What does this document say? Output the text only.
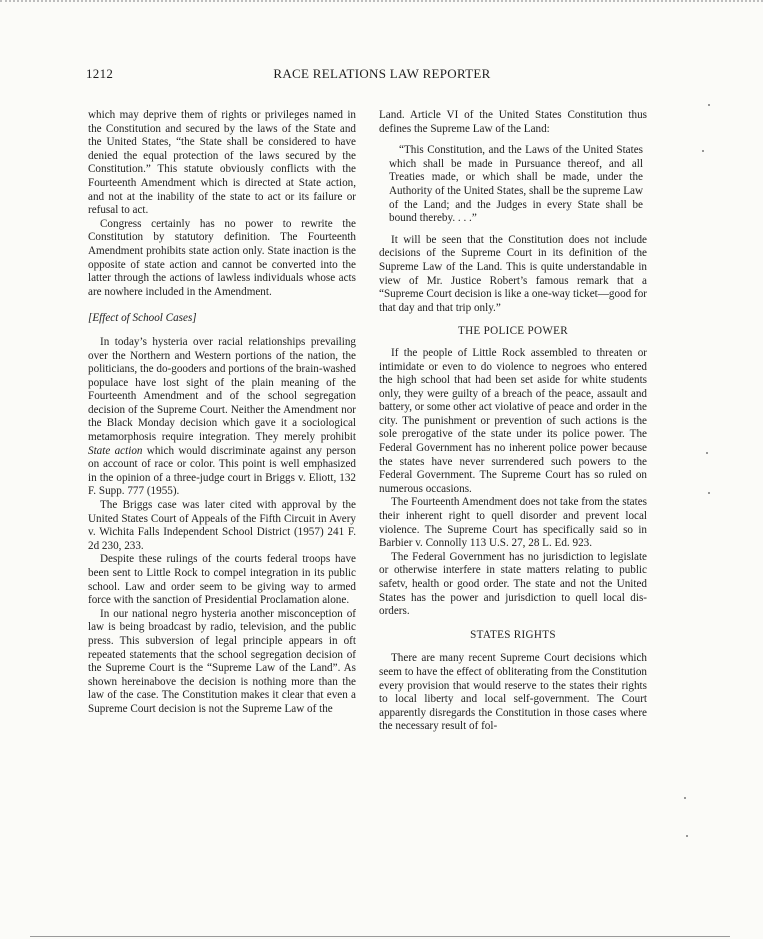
1212	RACE RELATIONS LAW REPORTER

which may deprive them of rights or privileges named in the Constitution and secured by the laws of the State and the United States, “the State shall be considered to have denied the equal protection of the laws secured by the Constitution.” This statute obviously conflicts with the Fourteenth Amendment which is directed at State action, and not at the inability of the state to act or its failure or refusal to act.

Congress certainly has no power to rewrite the Constitution by statutory definition. The Fourteenth Amendment prohibits state action only. State inaction is the opposite of state action and cannot be converted into the latter through the actions of lawless individuals whose acts are nowhere included in the Amendment.

[Effect of School Cases]

In today’s hysteria over racial relationships prevailing over the Northern and Western portions of the nation, the politicians, the do-gooders and portions of the brain-washed populace have lost sight of the plain meaning of the Fourteenth Amendment and of the school segregation decision of the Supreme Court. Neither the Amendment nor the Black Monday decision which gave it a sociological metamorphosis require integration. They merely prohibit State action which would discriminate against any person on account of race or color. This point is well emphasized in the opinion of a three-judge court in Briggs v. Eliott, 132 F. Supp. 777 (1955).

The Briggs case was later cited with approval by the United States Court of Appeals of the Fifth Circuit in Avery v. Wichita Falls Independent School District (1957) 241 F. 2d 230, 233.

Despite these rulings of the courts federal troops have been sent to Little Rock to compel integration in its public school. Law and order seem to be giving way to armed force with the sanction of Presidential Proclamation alone.

In our national negro hysteria another misconception of law is being broadcast by radio, television, and the public press. This subversion of legal principle appears in oft repeated statements that the school segregation decision of the Supreme Court is the “Supreme Law of the Land”. As shown hereinabove the decision is nothing more than the law of the case. The Constitution makes it clear that even a Supreme Court decision is not the Supreme Law of the

Land. Article VI of the United States Constitution thus defines the Supreme Law of the Land:

“This Constitution, and the Laws of the United States which shall be made in Pursuance thereof, and all Treaties made, or which shall be made, under the Authority of the United States, shall be the supreme Law of the Land; and the Judges in every State shall be bound thereby. . . .”

It will be seen that the Constitution does not include decisions of the Supreme Court in its definition of the Supreme Law of the Land. This is quite understandable in view of Mr. Justice Robert’s famous remark that a “Supreme Court decision is like a one-way ticket—good for that day and that trip only.”

THE POLICE POWER

If the people of Little Rock assembled to threaten or intimidate or even to do violence to negroes who entered the high school that had been set aside for white students only, they were guilty of a breach of the peace, assault and battery, or some other act violative of peace and order in the city. The punishment or prevention of such actions is the sole prerogative of the state under its police power. The Federal Government has no inherent police power because the states have never surrendered such powers to the Federal Government. The Supreme Court has so ruled on numerous occasions.

The Fourteenth Amendment does not take from the states their inherent right to quell disorder and prevent local violence. The Supreme Court has specifically said so in Barbier v. Connolly 113 U.S. 27, 28 L. Ed. 923.

The Federal Government has no jurisdiction to legislate or otherwise interfere in state matters relating to public safetv, health or good order. The state and not the United States has the power and jurisdiction to quell local disorders.

STATES RIGHTS

There are many recent Supreme Court decisions which seem to have the effect of obliterating from the Constitution every provision that would reserve to the states their rights to local liberty and local self-government. The Court apparently disregards the Constitution in those cases where the necessary result of fol-
